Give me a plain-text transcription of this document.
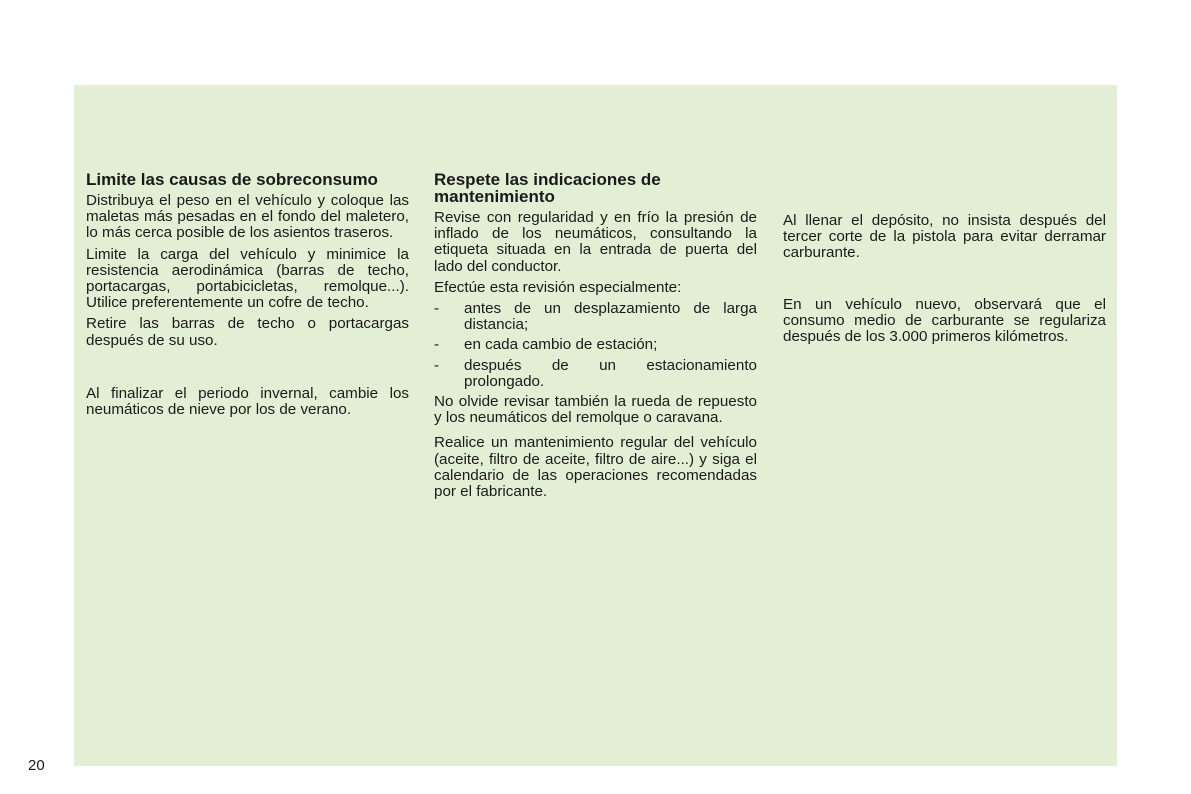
Limite las causas de sobreconsumo

Distribuya el peso en el vehículo y coloque las maletas más pesadas en el fondo del maletero, lo más cerca posible de los asientos traseros.

Limite la carga del vehículo y minimice la resistencia aerodinámica (barras de techo, portacargas, portabicicletas, remolque...). Utilice preferentemente un cofre de techo.

Retire las barras de techo o portacargas después de su uso.

Al finalizar el periodo invernal, cambie los neumáticos de nieve por los de verano.

Respete las indicaciones de mantenimiento

Revise con regularidad y en frío la presión de inflado de los neumáticos, consultando la etiqueta situada en la entrada de puerta del lado del conductor.

Efectúe esta revisión especialmente:

- antes de un desplazamiento de larga distancia;
- en cada cambio de estación;
- después de un estacionamiento prolongado.

No olvide revisar también la rueda de repuesto y los neumáticos del remolque o caravana.

Realice un mantenimiento regular del vehículo (aceite, filtro de aceite, filtro de aire...) y siga el calendario de las operaciones recomendadas por el fabricante.

Al llenar el depósito, no insista después del tercer corte de la pistola para evitar derramar carburante.

En un vehículo nuevo, observará que el consumo medio de carburante se regulariza después de los 3.000 primeros kilómetros.

20
